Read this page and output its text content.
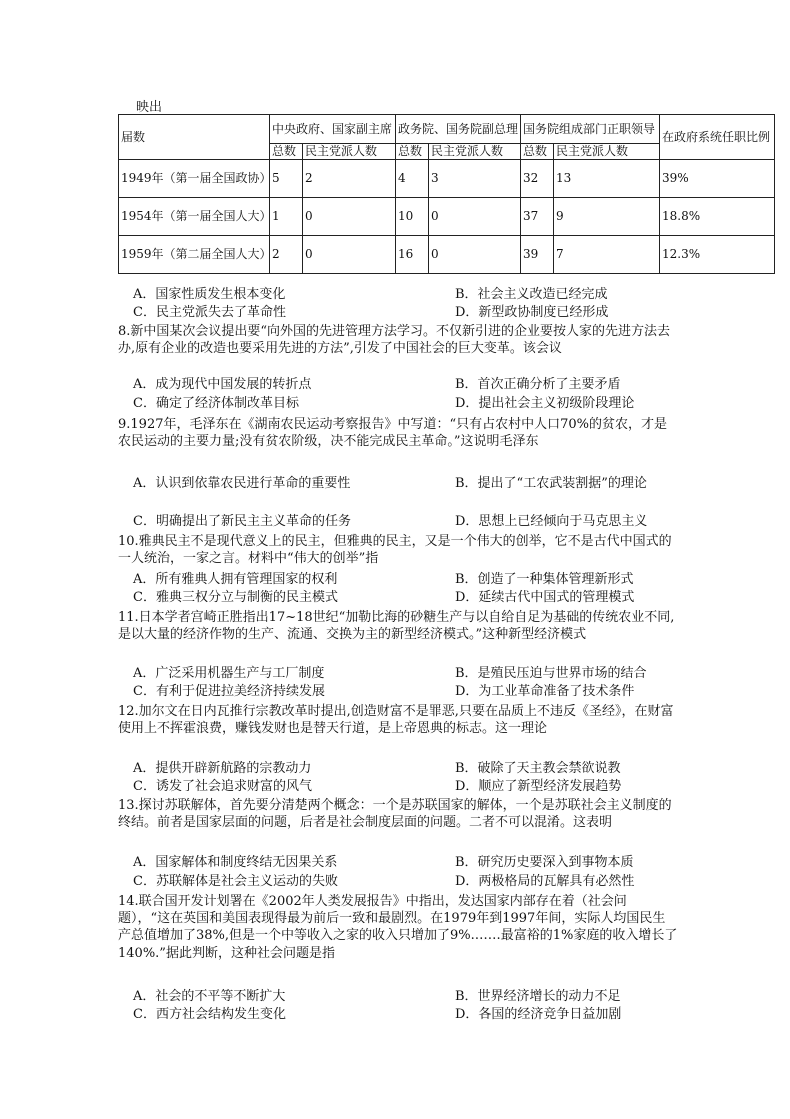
映出
届数	中央政府、国家副主席		政务院、国务院副总理		国务院组成部门正职领导		在政府系统任职比例
	总数	民主党派人数	总数	民主党派人数	总数	民主党派人数	
1949年（第一届全国政协）	5	2	4	3	32	13	39%
1954年（第一届全国人大）	1	0	10	0	37	9	18.8%
1959年（第二届全国人大）	2	0	16	0	39	7	12.3%
A．国家性质发生根本变化	B．社会主义改造已经完成
C．民主党派失去了革命性	D．新型政协制度已经形成
8.新中国某次会议提出要“向外国的先进管理方法学习。不仅新引进的企业要按人家的先进方法去办,原有企业的改造也要采用先进的方法”,引发了中国社会的巨大变革。该会议
A．成为现代中国发展的转折点	B．首次正确分析了主要矛盾
C．确定了经济体制改革目标	D．提出社会主义初级阶段理论
9.1927年，毛泽东在《湖南农民运动考察报告》中写道：“只有占农村中人口70%的贫农，才是农民运动的主要力量;没有贫农阶级，决不能完成民主革命。”这说明毛泽东
A．认识到依靠农民进行革命的重要性	B．提出了“工农武装割据”的理论
C．明确提出了新民主主义革命的任务	D．思想上已经倾向于马克思主义
10.雅典民主不是现代意义上的民主，但雅典的民主，又是一个伟大的创举，它不是古代中国式的一人统治，一家之言。材料中“伟大的创举”指
A．所有雅典人拥有管理国家的权利	B．创造了一种集体管理新形式
C．雅典三权分立与制衡的民主模式	D．延续古代中国式的管理模式
11.日本学者宫崎正胜指出17~18世纪“加勒比海的砂糖生产与以自给自足为基础的传统农业不同,是以大量的经济作物的生产、流通、交换为主的新型经济模式。”这种新型经济模式
A．广泛采用机器生产与工厂制度	B．是殖民压迫与世界市场的结合
C．有利于促进拉美经济持续发展	D．为工业革命准备了技术条件
12.加尔文在日内瓦推行宗教改革时提出,创造财富不是罪恶,只要在品质上不违反《圣经》，在财富使用上不挥霍浪费，赚钱发财也是替天行道，是上帝恩典的标志。这一理论
A．提供开辟新航路的宗教动力	B．破除了天主教会禁欲说教
C．诱发了社会追求财富的风气	D．顺应了新型经济发展趋势
13.探讨苏联解体，首先要分清楚两个概念：一个是苏联国家的解体，一个是苏联社会主义制度的终结。前者是国家层面的问题，后者是社会制度层面的问题。二者不可以混淆。这表明
A．国家解体和制度终结无因果关系	B．研究历史要深入到事物本质
C．苏联解体是社会主义运动的失败	D．两极格局的瓦解具有必然性
14.联合国开发计划署在《2002年人类发展报告》中指出，发达国家内部存在着（社会问题），“这在英国和美国表现得最为前后一致和最剧烈。在1979年到1997年间，实际人均国民生产总值增加了38%,但是一个中等收入之家的收入只增加了9%.……最富裕的1%家庭的收入增长了140%.”据此判断，这种社会问题是指
A．社会的不平等不断扩大	B．世界经济增长的动力不足
C．西方社会结构发生变化	D．各国的经济竞争日益加剧
